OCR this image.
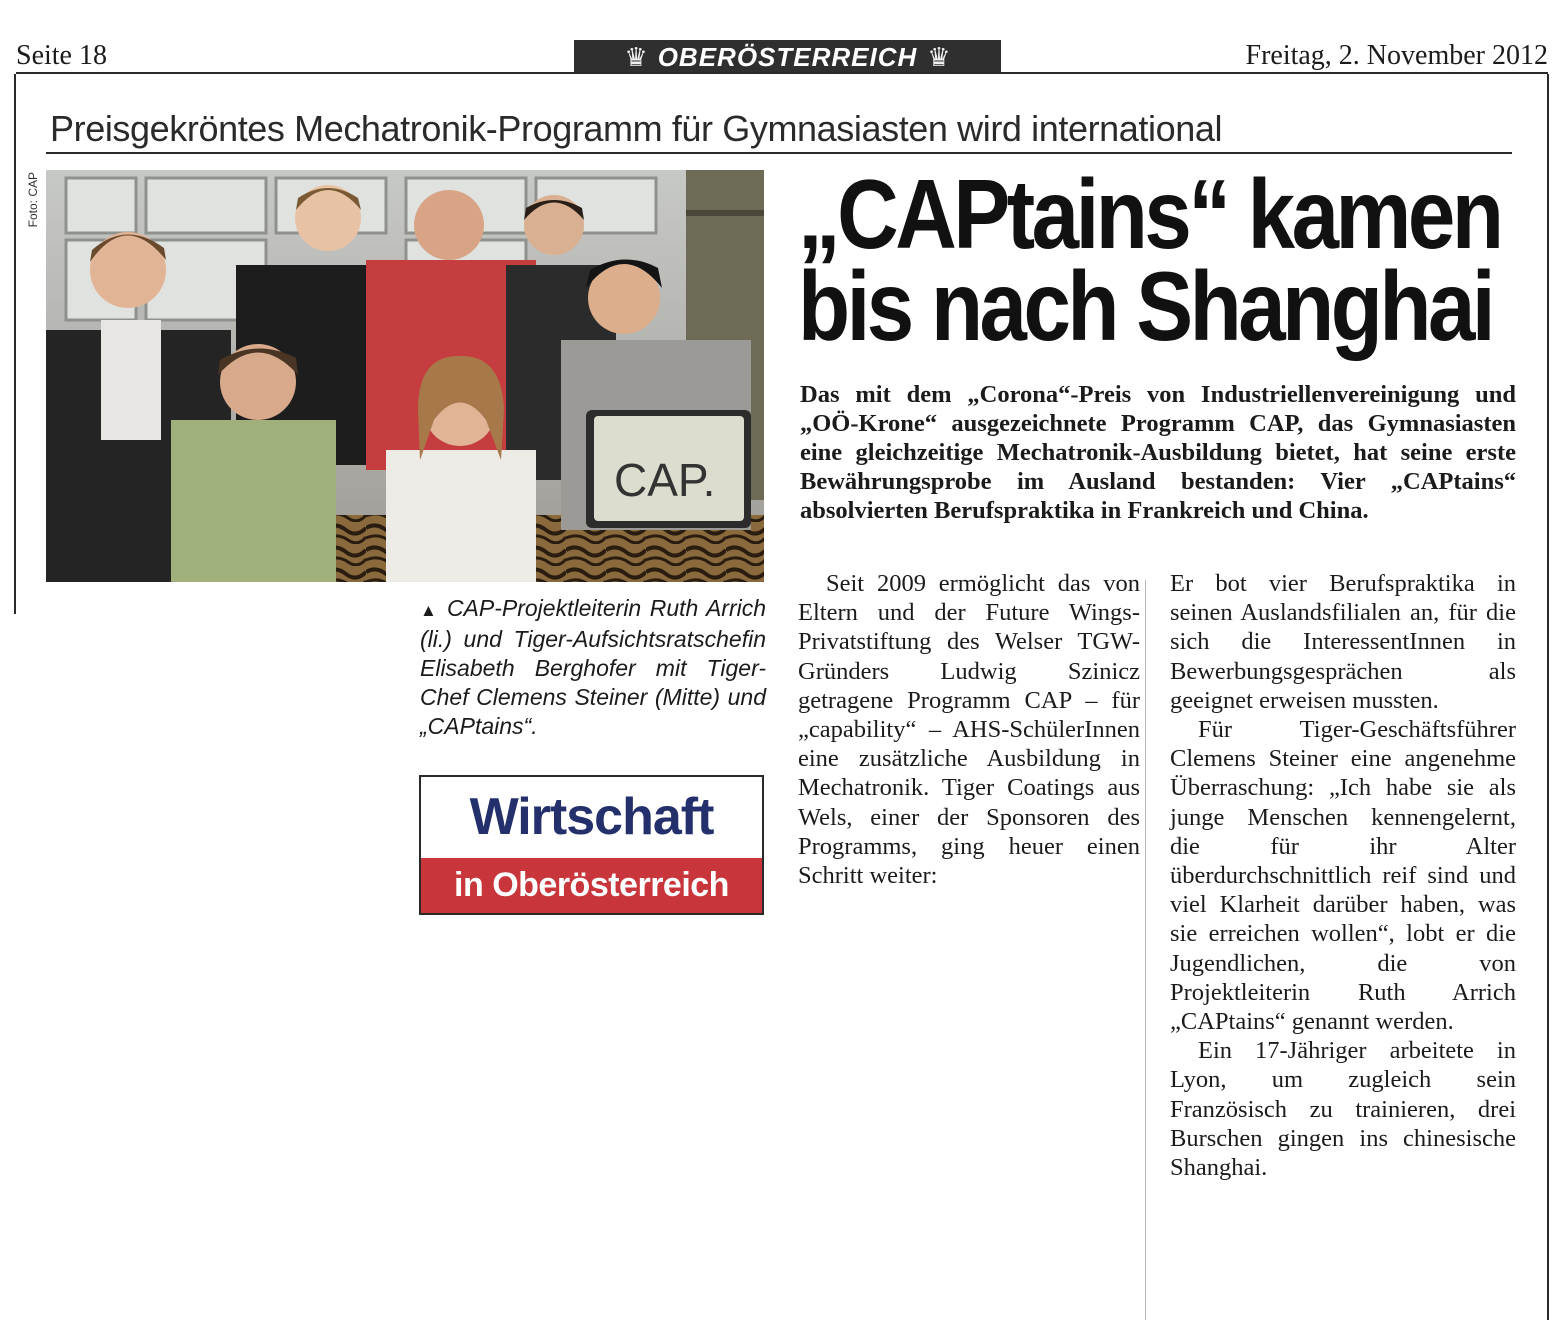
Seite 18	♛ OBERÖSTERREICH ♛	Freitag, 2. November 2012
Preisgekröntes Mechatronik-Programm für Gymnasiasten wird international
Foto: CAP
CAP.
▲ CAP-Projektleiterin Ruth Arrich (li.) und Tiger-Aufsichtsratschefin Elisabeth Berghofer mit Tiger-Chef Clemens Steiner (Mitte) und „CAPtains“.
Wirtschaft
in Oberösterreich
„CAPtains“ kamen
bis nach Shanghai
Das mit dem „Corona“-Preis von Industriellenvereinigung und „OÖ-Krone“ ausgezeichnete Programm CAP, das Gymnasiasten eine gleichzeitige Mechatronik-Ausbildung bietet, hat seine erste Bewährungsprobe im Ausland bestanden: Vier „CAPtains“ absolvierten Berufspraktika in Frankreich und China.

Seit 2009 ermöglicht das von Eltern und der Future Wings-Privatstiftung des Welser TGW-Gründers Ludwig Szinicz getragene Programm CAP – für „capability“ – AHS-SchülerInnen eine zusätzliche Ausbildung in Mechatronik. Tiger Coatings aus Wels, einer der Sponsoren des Programms, ging heuer einen Schritt weiter:

Er bot vier Berufspraktika in seinen Auslandsfilialen an, für die sich die InteressentInnen in Bewerbungsgesprächen als geeignet erweisen mussten.

Für Tiger-Geschäftsführer Clemens Steiner eine angenehme Überraschung: „Ich habe sie als junge Menschen kennengelernt, die für ihr Alter überdurchschnittlich reif sind und viel Klarheit darüber haben, was sie erreichen wollen“, lobt er die Jugendlichen, die von Projektleiterin Ruth Arrich „CAPtains“ genannt werden.

Ein 17-Jähriger arbeitete in Lyon, um zugleich sein Französisch zu trainieren, drei Burschen gingen ins chinesische Shanghai.
